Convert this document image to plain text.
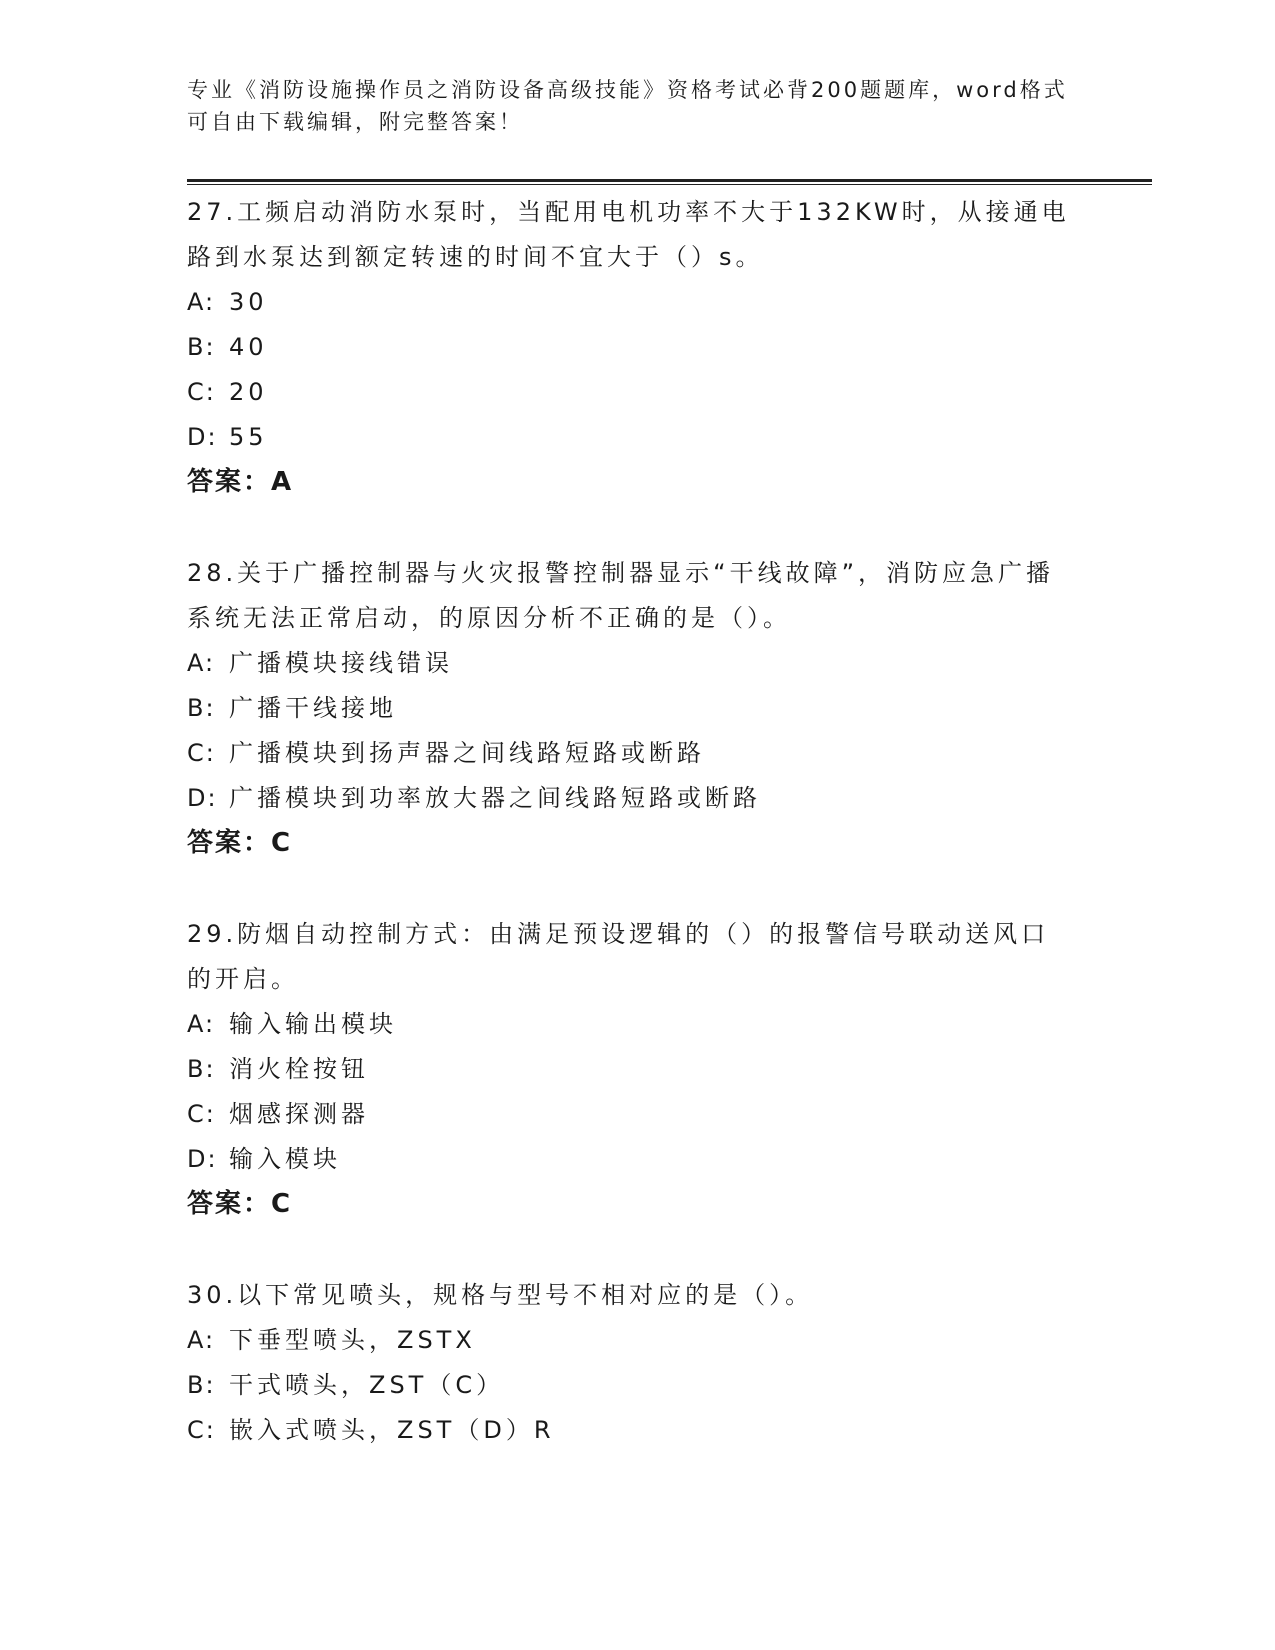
专业《消防设施操作员之消防设备高级技能》资格考试必背200题题库，word格式可自由下载编辑，附完整答案！

27.工频启动消防水泵时，当配用电机功率不大于132KW时，从接通电路到水泵达到额定转速的时间不宜大于（）s。

A: 30

B: 40

C: 20

D: 55

答案：A

28.关于广播控制器与火灾报警控制器显示“干线故障”，消防应急广播系统无法正常启动，的原因分析不正确的是（）。

A: 广播模块接线错误

B: 广播干线接地

C: 广播模块到扬声器之间线路短路或断路

D: 广播模块到功率放大器之间线路短路或断路

答案：C

29.防烟自动控制方式：由满足预设逻辑的（）的报警信号联动送风口的开启。

A: 输入输出模块

B: 消火栓按钮

C: 烟感探测器

D: 输入模块

答案：C

30.以下常见喷头，规格与型号不相对应的是（）。

A: 下垂型喷头，ZSTX

B: 干式喷头，ZST（C）

C: 嵌入式喷头，ZST（D）R
